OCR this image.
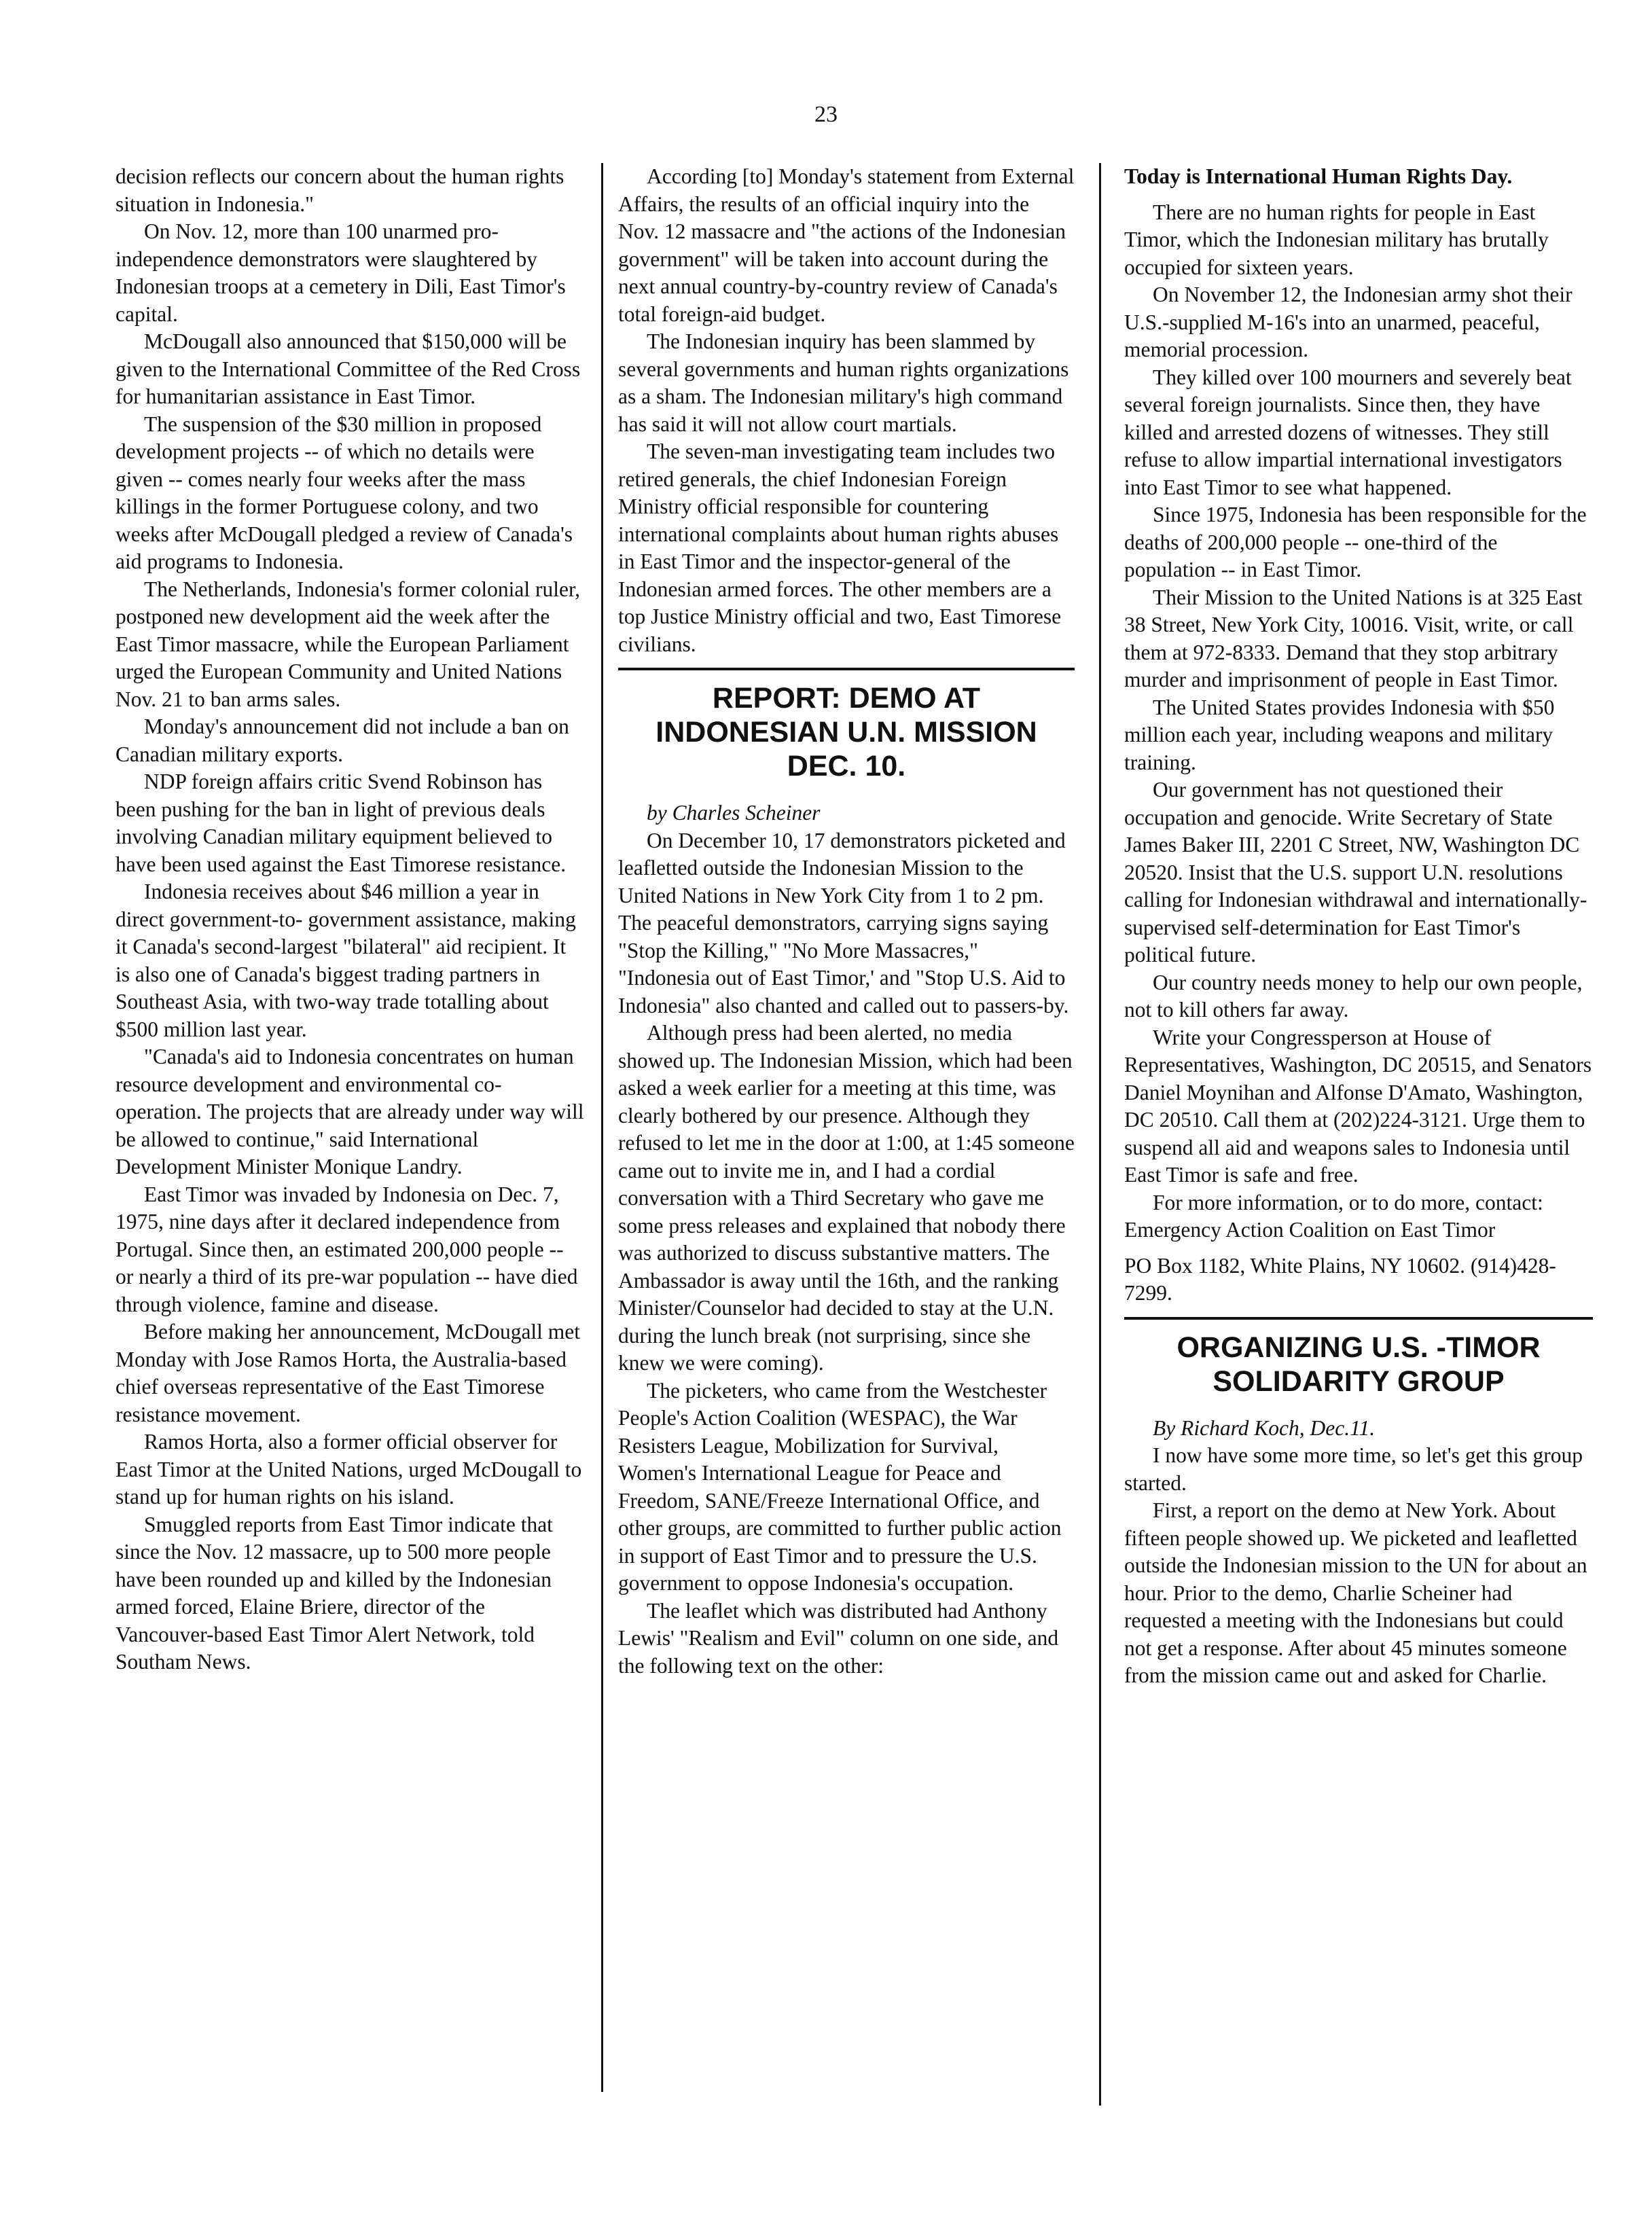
23

decision reflects our concern about the human rights situation in Indonesia."

On Nov. 12, more than 100 unarmed pro-independence demonstrators were slaughtered by Indonesian troops at a cemetery in Dili, East Timor's capital.

McDougall also announced that $150,000 will be given to the International Committee of the Red Cross for humanitarian assistance in East Timor.

The suspension of the $30 million in proposed development projects -- of which no details were given -- comes nearly four weeks after the mass killings in the former Portuguese colony, and two weeks after McDougall pledged a review of Canada's aid programs to Indonesia.

The Netherlands, Indonesia's former colonial ruler, postponed new development aid the week after the East Timor massacre, while the European Parliament urged the European Community and United Nations Nov. 21 to ban arms sales.

Monday's announcement did not include a ban on Canadian military exports.

NDP foreign affairs critic Svend Robinson has been pushing for the ban in light of previous deals involving Canadian military equipment believed to have been used against the East Timorese resistance.

Indonesia receives about $46 million a year in direct government-to- government assistance, making it Canada's second-largest "bilateral" aid recipient. It is also one of Canada's biggest trading partners in Southeast Asia, with two-way trade totalling about $500 million last year.

"Canada's aid to Indonesia concentrates on human resource development and environmental co-operation. The projects that are already under way will be allowed to continue," said International Development Minister Monique Landry.

East Timor was invaded by Indonesia on Dec. 7, 1975, nine days after it declared independence from Portugal. Since then, an estimated 200,000 people -- or nearly a third of its pre-war population -- have died through violence, famine and disease.

Before making her announcement, McDougall met Monday with Jose Ramos Horta, the Australia-based chief overseas representative of the East Timorese resistance movement.

Ramos Horta, also a former official observer for East Timor at the United Nations, urged McDougall to stand up for human rights on his island.

Smuggled reports from East Timor indicate that since the Nov. 12 massacre, up to 500 more people have been rounded up and killed by the Indonesian armed forced, Elaine Briere, director of the Vancouver-based East Timor Alert Network, told Southam News.

According [to] Monday's statement from External Affairs, the results of an official inquiry into the Nov. 12 massacre and "the actions of the Indonesian government" will be taken into account during the next annual country-by-country review of Canada's total foreign-aid budget.

The Indonesian inquiry has been slammed by several governments and human rights organizations as a sham. The Indonesian military's high command has said it will not allow court martials.

The seven-man investigating team includes two retired generals, the chief Indonesian Foreign Ministry official responsible for countering international complaints about human rights abuses in East Timor and the inspector-general of the Indonesian armed forces. The other members are a top Justice Ministry official and two, East Timorese civilians.

REPORT: DEMO AT INDONESIAN U.N. MISSION DEC. 10.

by Charles Scheiner

On December 10, 17 demonstrators picketed and leafletted outside the Indonesian Mission to the United Nations in New York City from 1 to 2 pm. The peaceful demonstrators, carrying signs saying "Stop the Killing," "No More Massacres," "Indonesia out of East Timor,' and "Stop U.S. Aid to Indonesia" also chanted and called out to passers-by.

Although press had been alerted, no media showed up. The Indonesian Mission, which had been asked a week earlier for a meeting at this time, was clearly bothered by our presence. Although they refused to let me in the door at 1:00, at 1:45 someone came out to invite me in, and I had a cordial conversation with a Third Secretary who gave me some press releases and explained that nobody there was authorized to discuss substantive matters. The Ambassador is away until the 16th, and the ranking Minister/Counselor had decided to stay at the U.N. during the lunch break (not surprising, since she knew we were coming).

The picketers, who came from the Westchester People's Action Coalition (WESPAC), the War Resisters League, Mobilization for Survival, Women's International League for Peace and Freedom, SANE/Freeze International Office, and other groups, are committed to further public action in support of East Timor and to pressure the U.S. government to oppose Indonesia's occupation.

The leaflet which was distributed had Anthony Lewis' "Realism and Evil" column on one side, and the following text on the other:

Today is International Human Rights Day.

There are no human rights for people in East Timor, which the Indonesian military has brutally occupied for sixteen years.

On November 12, the Indonesian army shot their U.S.-supplied M-16's into an unarmed, peaceful, memorial procession.

They killed over 100 mourners and severely beat several foreign journalists. Since then, they have killed and arrested dozens of witnesses. They still refuse to allow impartial international investigators into East Timor to see what happened.

Since 1975, Indonesia has been responsible for the deaths of 200,000 people -- one-third of the population -- in East Timor.

Their Mission to the United Nations is at 325 East 38 Street, New York City, 10016. Visit, write, or call them at 972-8333. Demand that they stop arbitrary murder and imprisonment of people in East Timor.

The United States provides Indonesia with $50 million each year, including weapons and military training.

Our government has not questioned their occupation and genocide. Write Secretary of State James Baker III, 2201 C Street, NW, Washington DC 20520. Insist that the U.S. support U.N. resolutions calling for Indonesian withdrawal and internationally-supervised self-determination for East Timor's political future.

Our country needs money to help our own people, not to kill others far away.

Write your Congressperson at House of Representatives, Washington, DC 20515, and Senators Daniel Moynihan and Alfonse D'Amato, Washington, DC 20510. Call them at (202)224-3121. Urge them to suspend all aid and weapons sales to Indonesia until East Timor is safe and free.

For more information, or to do more, contact:

Emergency Action Coalition on East Timor

PO Box 1182, White Plains, NY 10602. (914)428-7299.

ORGANIZING U.S. -TIMOR SOLIDARITY GROUP

By Richard Koch, Dec.11.

I now have some more time, so let's get this group started.

First, a report on the demo at New York. About fifteen people showed up. We picketed and leafletted outside the Indonesian mission to the UN for about an hour. Prior to the demo, Charlie Scheiner had requested a meeting with the Indonesians but could not get a response. After about 45 minutes someone from the mission came out and asked for Charlie.
